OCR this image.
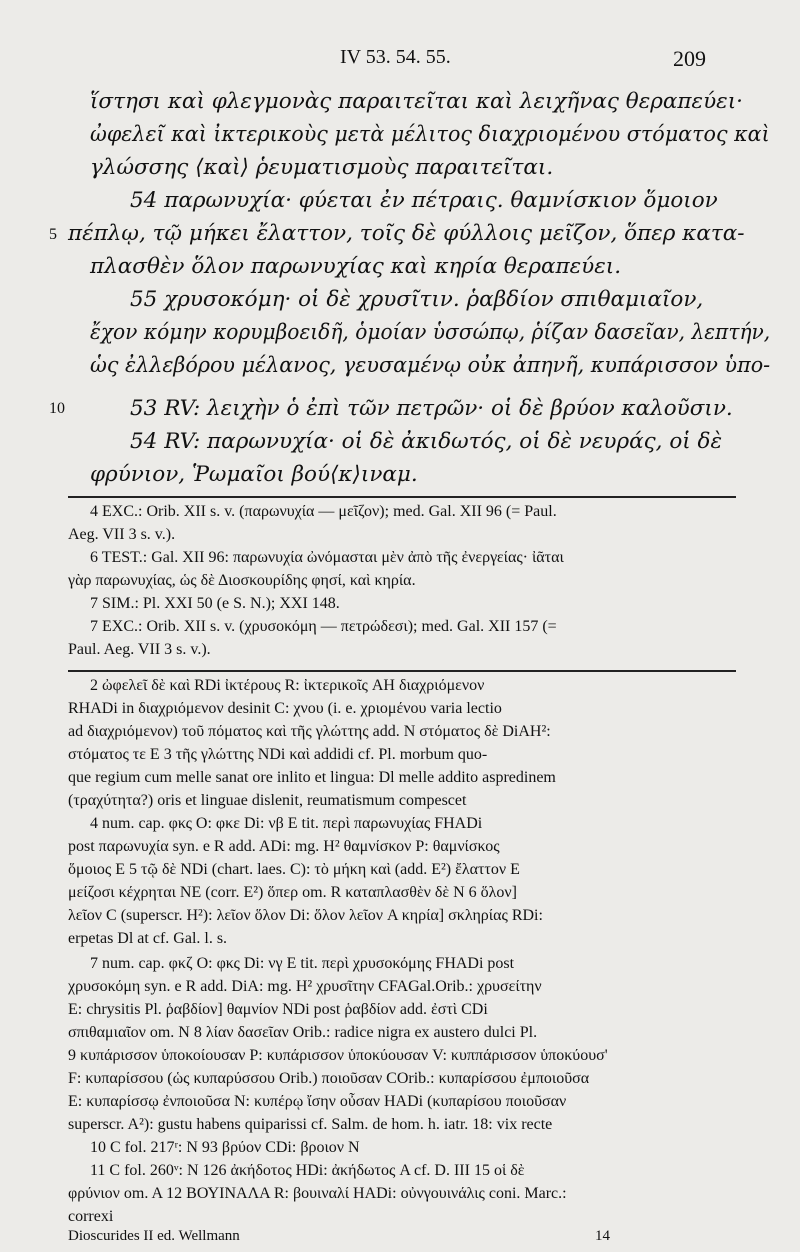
IV 53. 54. 55.	209
ἵστησι καὶ φλεγμονὰς παραιτεῖται καὶ λειχῆνας θεραπεύει·
ὠφελεῖ καὶ ἰκτερικοὺς μετὰ μέλιτος διαχριομένου στόματος καὶ
γλώσσης ⟨καὶ⟩ ῥευματισμοὺς παραιτεῖται.
54 παρωνυχία· φύεται ἐν πέτραις. θαμνίσκιον ὅμοιον
5 πέπλῳ, τῷ μήκει ἔλαττον, τοῖς δὲ φύλλοις μεῖζον, ὅπερ κατα-
πλασθὲν ὅλον παρωνυχίας καὶ κηρία θεραπεύει.
55 χρυσοκόμη· οἱ δὲ χρυσῖτιν. ῥαβδίον σπιθαμιαῖον,
ἔχον κόμην κορυμβοειδῆ, ὁμοίαν ὑσσώπῳ, ῥίζαν δασεῖαν, λεπτήν,
ὡς ἐλλεβόρου μέλανος, γευσαμένῳ οὐκ ἀπηνῆ, κυπάρισσον ὑπο-
10	53 RV: λειχὴν ὁ ἐπὶ τῶν πετρῶν· οἱ δὲ βρύον καλοῦσιν.
54 RV: παρωνυχία· οἱ δὲ ἀκιδωτός, οἱ δὲ νευράς, οἱ δὲ
φρύνιον, Ῥωμαῖοι βού⟨κ⟩ιναμ.
4 EXC.: Orib. XII s. v. (παρωνυχία — μεῖζον); med. Gal. XII 96 (= Paul.
Aeg. VII 3 s. v.).
6 TEST.: Gal. XII 96: παρωνυχία ὠνόμασται μὲν ἀπὸ τῆς ἐνεργείας· ἰᾶται
γὰρ παρωνυχίας, ὡς δὲ Διοσκουρίδης φησί, καὶ κηρία.
7 SIM.: Pl. XXI 50 (e S. N.); XXI 148.
7 EXC.: Orib. XII s. v. (χρυσοκόμη — πετρώδεσι); med. Gal. XII 157 (=
Paul. Aeg. VII 3 s. v.).
2 ὠφελεῖ δὲ καὶ RDi ἰκτέρους R: ἰκτερικοῖς AH διαχριόμενον
RHADi in διαχριόμενον desinit C: χνου (i. e. χριομένου varia lectio
ad διαχριόμενον) τοῦ πόματος καὶ τῆς γλώττης add. N στόματος δὲ DiAH²:
στόματος τε E 3 τῆς γλώττης NDi καὶ addidi cf. Pl. morbum quo-
que regium cum melle sanat ore inlito et lingua: Dl melle addito aspredinem
(τραχύτητα?) oris et linguae dislenit, reumatismum compescet
4 num. cap. φκς O: φκε Di: νβ E tit. περὶ παρωνυχίας FHADi
post παρωνυχία syn. e R add. ADi: mg. H² θαμνίσκον P: θαμνίσκος
ὅμοιος E 5 τῷ δὲ NDi (chart. laes. C): τὸ μήκη καὶ (add. E²) ἔλαττον E
μείζοσι κέχρηται NE (corr. E²) ὅπερ om. R καταπλασθὲν δὲ N 6 ὅλον]
λεῖον C (superscr. H²): λεῖον ὅλον Di: ὅλον λεῖον A κηρία] σκληρίας RDi:
erpetas Dl at cf. Gal. l. s.
7 num. cap. φκζ O: φκς Di: νγ E tit. περὶ χρυσοκόμης FHADi post
χρυσοκόμη syn. e R add. DiA: mg. H² χρυσῖτην CFAGal.Orib.: χρυσείτην
E: chrysitis Pl. ῥαβδίον] θαμνίον NDi post ῥαβδίον add. ἐστὶ CDi
σπιθαμιαῖον om. N 8 λίαν δασεῖαν Orib.: radice nigra ex austero dulci Pl.
9 κυπάρισσον ὑποκοίουσαν P: κυπάρισσον ὑποκύουσαν V: κυππάρισσον ὑποκύουσ'
F: κυπαρίσσου (ὡς κυπαρύσσου Orib.) ποιοῦσαν COrib.: κυπαρίσσου ἐμποιοῦσα
E: κυπαρίσσῳ ἐνποιοῦσα N: κυπέρῳ ἴσην οὖσαν HADi (κυπαρίσου ποιοῦσαν
superscr. A²): gustu habens quiparissi cf. Salm. de hom. h. iatr. 18: vix recte
10 C fol. 217ʳ: N 93 βρύον CDi: βροιον N
11 C fol. 260ᵛ: N 126 ἀκήδοτος HDi: ἀκήδωτος A cf. D. III 15 οἱ δὲ
φρύνιον om. A 12 ΒΟΥΙΝΑΛΑ R: βουιναλί HADi: οὐνγουινάλις coni. Marc.:
correxi
Dioscurides II ed. Wellmann	14
